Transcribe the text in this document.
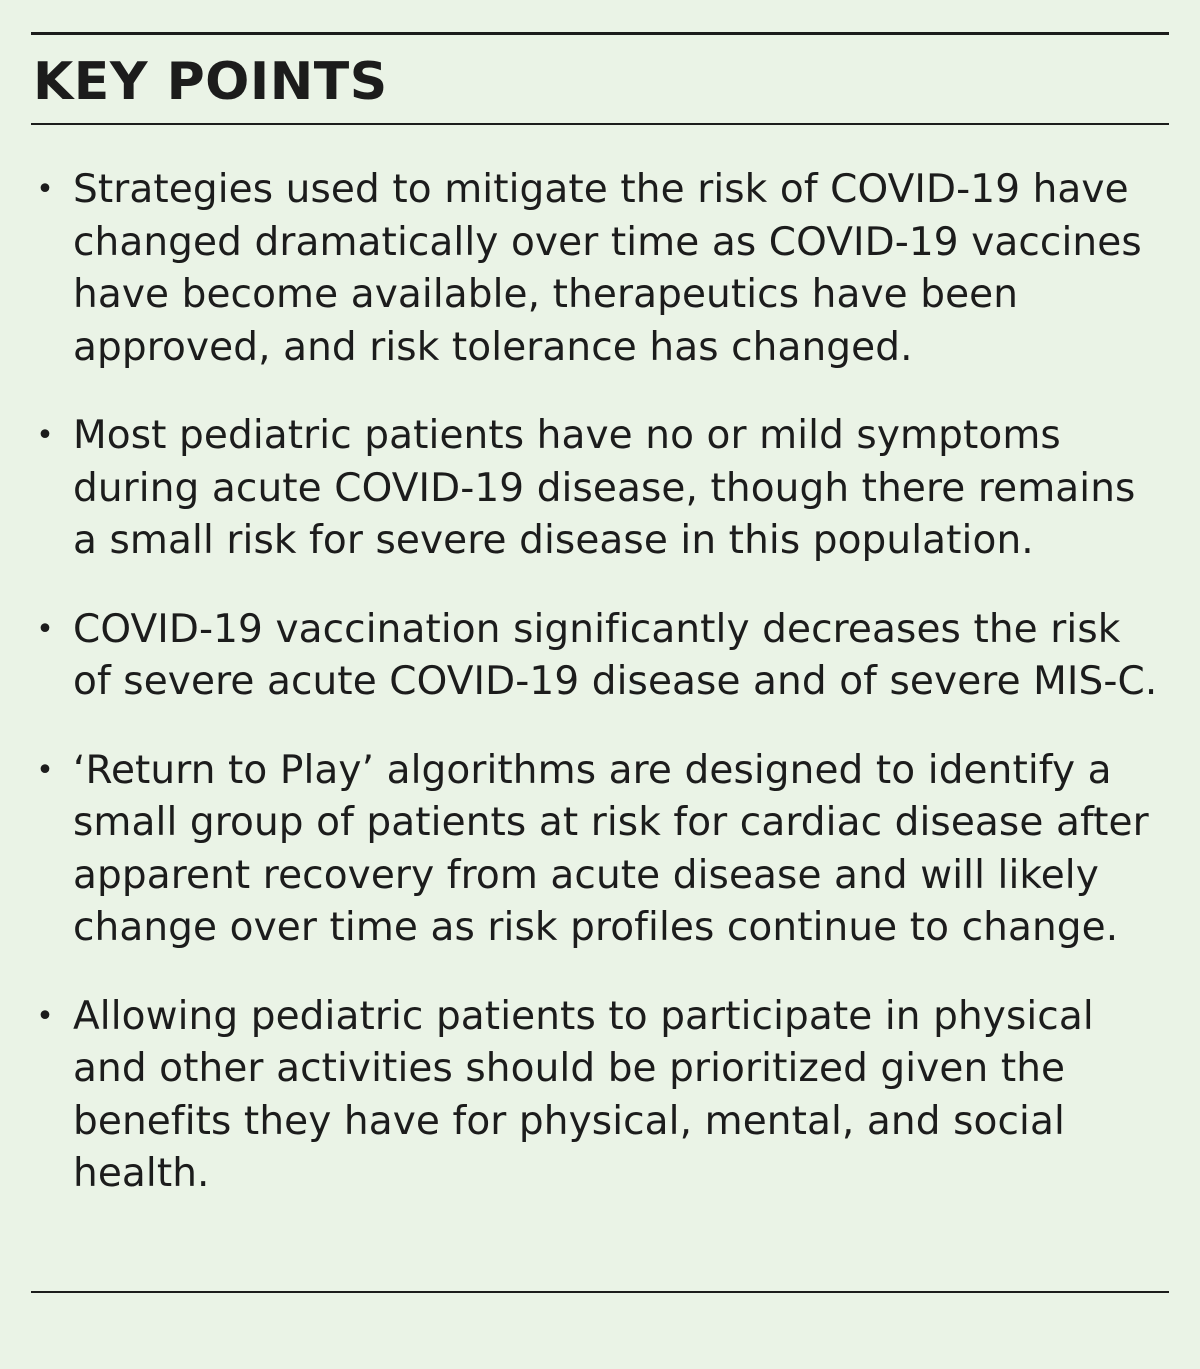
KEY POINTS
• Strategies used to mitigate the risk of COVID-19 have changed dramatically over time as COVID-19 vaccines have become available, therapeutics have been approved, and risk tolerance has changed.
• Most pediatric patients have no or mild symptoms during acute COVID-19 disease, though there remains a small risk for severe disease in this population.
• COVID-19 vaccination significantly decreases the risk of severe acute COVID-19 disease and of severe MIS-C.
• ‘Return to Play’ algorithms are designed to identify a small group of patients at risk for cardiac disease after apparent recovery from acute disease and will likely change over time as risk profiles continue to change.
• Allowing pediatric patients to participate in physical and other activities should be prioritized given the benefits they have for physical, mental, and social health.
